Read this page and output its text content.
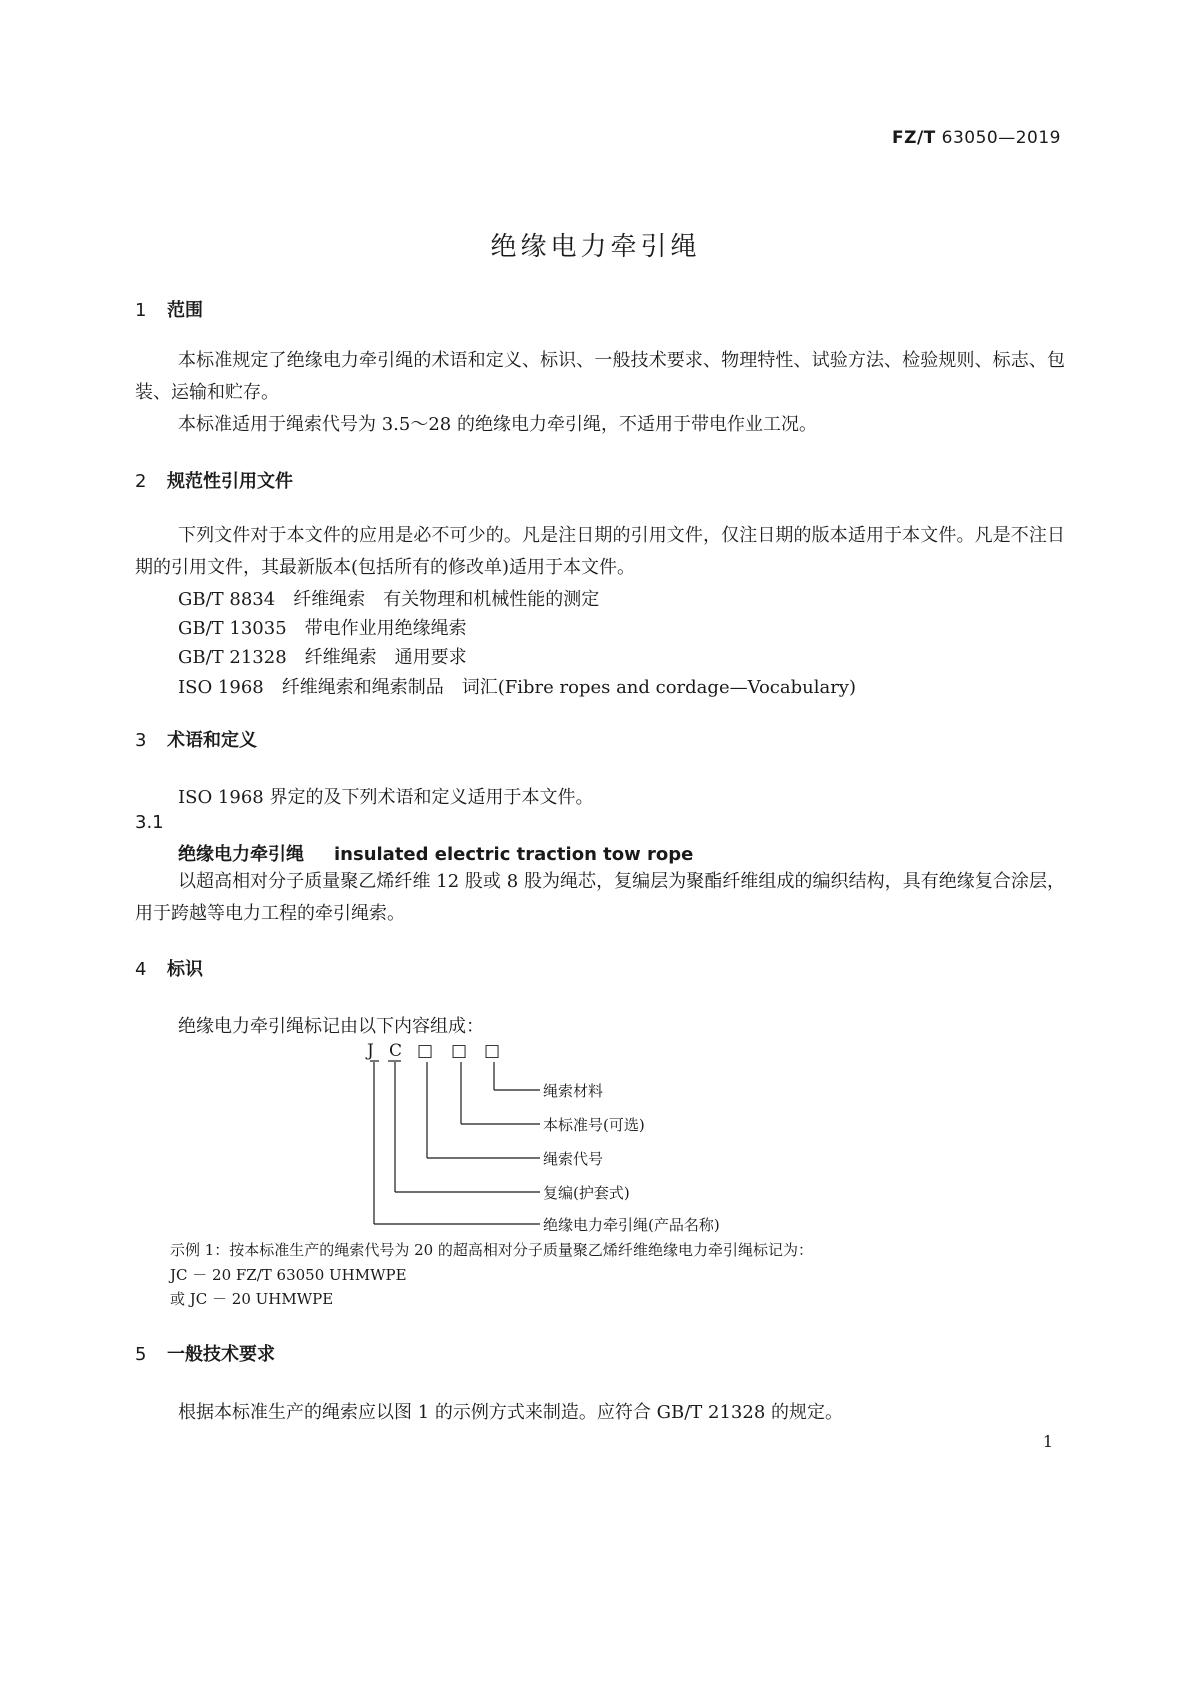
FZ/T 63050—2019
绝缘电力牵引绳
1 范围
本标准规定了绝缘电力牵引绳的术语和定义、标识、一般技术要求、物理特性、试验方法、检验规则、标志、包装、运输和贮存。
本标准适用于绳索代号为 3.5～28 的绝缘电力牵引绳，不适用于带电作业工况。
2 规范性引用文件
下列文件对于本文件的应用是必不可少的。凡是注日期的引用文件，仅注日期的版本适用于本文件。凡是不注日期的引用文件，其最新版本(包括所有的修改单)适用于本文件。
GB/T 8834　纤维绳索　有关物理和机械性能的测定
GB/T 13035　带电作业用绝缘绳索
GB/T 21328　纤维绳索　通用要求
ISO 1968　纤维绳索和绳索制品　词汇(Fibre ropes and cordage—Vocabulary)
3 术语和定义
ISO 1968 界定的及下列术语和定义适用于本文件。
3.1
绝缘电力牵引绳 insulated electric traction tow rope
以超高相对分子质量聚乙烯纤维 12 股或 8 股为绳芯，复编层为聚酯纤维组成的编织结构，具有绝缘复合涂层，用于跨越等电力工程的牵引绳索。
4 标识
绝缘电力牵引绳标记由以下内容组成：
J C □ □ □
绳索材料
本标准号(可选)
绳索代号
复编(护套式)
绝缘电力牵引绳(产品名称)
示例 1：按本标准生产的绳索代号为 20 的超高相对分子质量聚乙烯纤维绝缘电力牵引绳标记为：
JC － 20 FZ/T 63050 UHMWPE
或 JC － 20 UHMWPE
5 一般技术要求
根据本标准生产的绳索应以图 1 的示例方式来制造。应符合 GB/T 21328 的规定。
1
